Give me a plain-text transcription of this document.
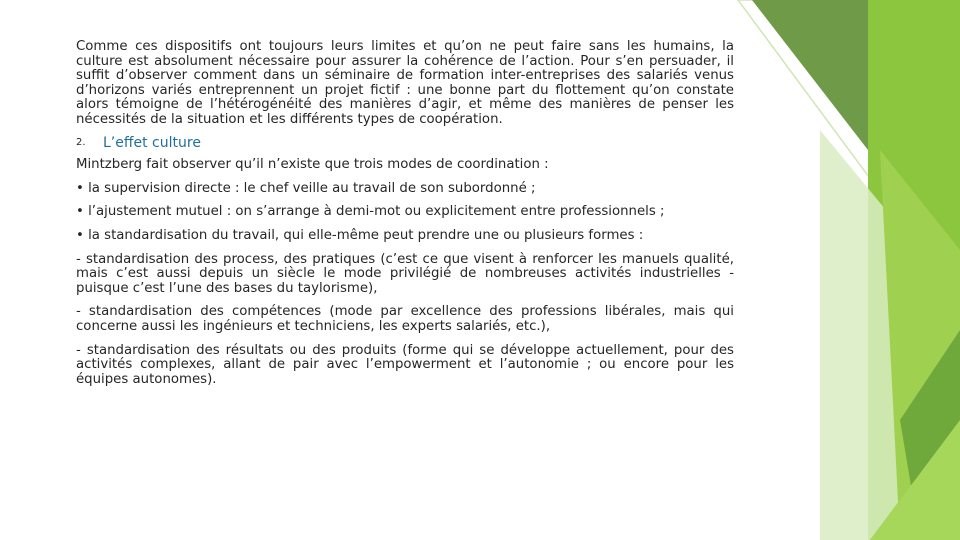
Comme ces dispositifs ont toujours leurs limites et qu’on ne peut faire sans les humains, la culture est absolument nécessaire pour assurer la cohérence de l’action. Pour s’en persuader, il suffit d’observer comment dans un séminaire de formation inter-entreprises des salariés venus d’horizons variés entreprennent un projet fictif : une bonne part du flottement qu’on constate alors témoigne de l’hétérogénéité des manières d’agir, et même des manières de penser les nécessités de la situation et les différents types de coopération.

2.	L’effet culture

Mintzberg fait observer qu’il n’existe que trois modes de coordination :

• la supervision directe : le chef veille au travail de son subordonné ;

• l’ajustement mutuel : on s’arrange à demi-mot ou explicitement entre professionnels ;

• la standardisation du travail, qui elle-même peut prendre une ou plusieurs formes :

- standardisation des process, des pratiques (c’est ce que visent à renforcer les manuels qualité, mais c’est aussi depuis un siècle le mode privilégié de nombreuses activités industrielles - puisque c’est l’une des bases du taylorisme),

- standardisation des compétences (mode par excellence des professions libérales, mais qui concerne aussi les ingénieurs et techniciens, les experts salariés, etc.),

- standardisation des résultats ou des produits (forme qui se développe actuellement, pour des activités complexes, allant de pair avec l’empowerment et l’autonomie ; ou encore pour les équipes autonomes).
